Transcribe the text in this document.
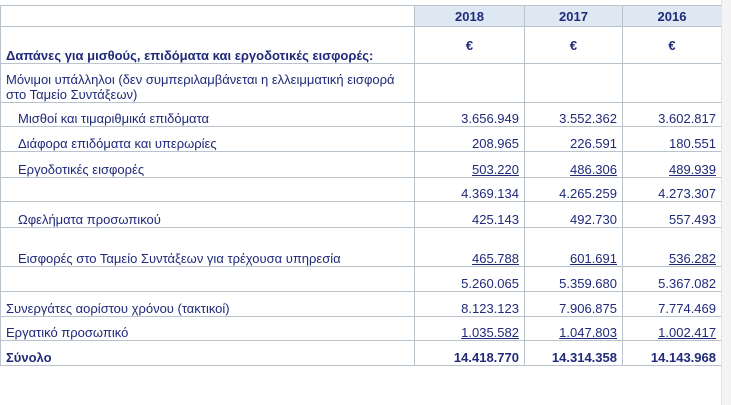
	2018	2017	2016
Δαπάνες για μισθούς, επιδόματα και εργοδοτικές εισφορές:	€	€	€
Μόνιμοι υπάλληλοι (δεν συμπεριλαμβάνεται η ελλειμματική εισφορά στο Ταμείο Συντάξεων)			
Μισθοί και τιμαριθμικά επιδόματα	3.656.949	3.552.362	3.602.817
Διάφορα επιδόματα και υπερωρίες	208.965	226.591	180.551
Εργοδοτικές εισφορές	503.220	486.306	489.939
	4.369.134	4.265.259	4.273.307
Ωφελήματα προσωπικού	425.143	492.730	557.493
Εισφορές στο Ταμείο Συντάξεων για τρέχουσα υπηρεσία	465.788	601.691	536.282
	5.260.065	5.359.680	5.367.082
Συνεργάτες αορίστου χρόνου (τακτικοί)	8.123.123	7.906.875	7.774.469
Εργατικό προσωπικό	1.035.582	1.047.803	1.002.417
Σύνολο	14.418.770	14.314.358	14.143.968
